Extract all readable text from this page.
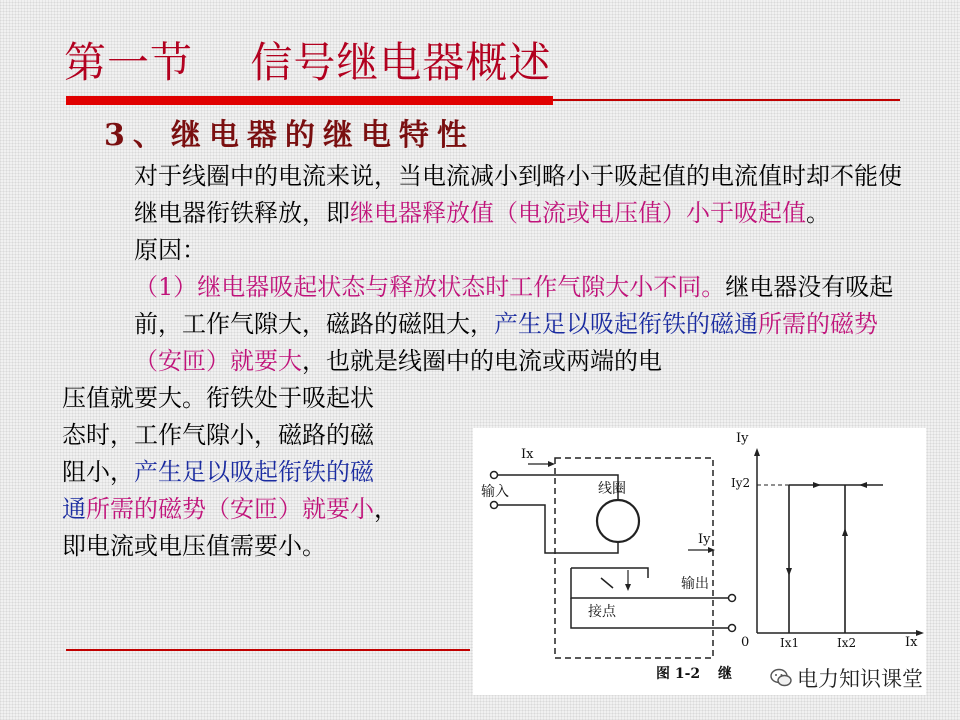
第一节    信号继电器概述
3、继电器的继电特性

对于线圈中的电流来说，当电流减小到略小于吸起值的电流值时却不能使继电器衔铁释放，即继电器释放值（电流或电压值）小于吸起值。

原因：

（1）继电器吸起状态与释放状态时工作气隙大小不同。继电器没有吸起前，工作气隙大，磁路的磁阻大，产生足以吸起衔铁的磁通所需的磁势（安匝）就要大，也就是线圈中的电流或两端的电

压值就要大。衔铁处于吸起状

态时，工作气隙小，磁路的磁

阻小，产生足以吸起衔铁的磁

通所需的磁势（安匝）就要小，

即电流或电压值需要小。

Ix
输入	线圈
接点
Iy
输出
Iy
Iy2
Ix
0	Ix1	Ix2
图 1-2 继	电力知识课堂
